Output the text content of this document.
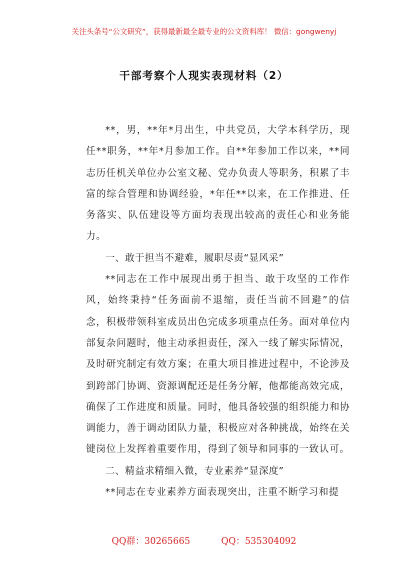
关注头条号“公文研究”，获得最新最全最专业的公文资料库！ 微信：gongwenyj
干部考察个人现实表现材料（2）

**，男，**年*月出生，中共党员，大学本科学历，现任**职务，**年*月参加工作。自**年参加工作以来，**同志历任机关单位办公室文秘、党办负责人等职务，积累了丰富的综合管理和协调经验，*年任**以来，在工作推进、任务落实、队伍建设等方面均表现出较高的责任心和业务能力。

一、敢于担当不避难，履职尽责“显风采”

**同志在工作中展现出勇于担当、敢于攻坚的工作作风，始终秉持“任务面前不退缩，责任当前不回避”的信念，积极带领科室成员出色完成多项重点任务。面对单位内部复杂问题时，他主动承担责任，深入一线了解实际情况，及时研究制定有效方案；在重大项目推进过程中，不论涉及到跨部门协调、资源调配还是任务分解，他都能高效完成，确保了工作进度和质量。同时，他具备较强的组织能力和协调能力，善于调动团队力量，积极应对各种挑战，始终在关键岗位上发挥着重要作用，得到了领导和同事的一致认可。

二、精益求精细入微，专业素养“显深度”

**同志在专业素养方面表现突出，注重不断学习和提

QQ群：30265665	QQ：535304092
